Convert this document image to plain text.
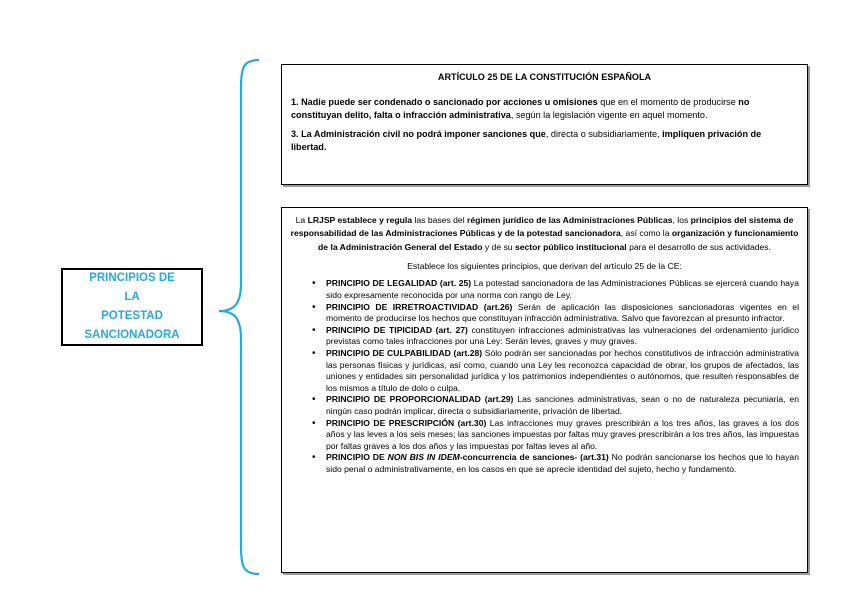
PRINCIPIOS DE LA
POTESTAD
SANCIONADORA
ARTÍCULO 25 DE LA CONSTITUCIÓN ESPAÑOLA

1. Nadie puede ser condenado o sancionado por acciones u omisiones que en el momento de producirse no constituyan delito, falta o infracción administrativa, según la legislación vigente en aquel momento.

3. La Administración civil no podrá imponer sanciones que, directa o subsidiariamente, impliquen privación de libertad.

La LRJSP establece y regula las bases del régimen jurídico de las Administraciones Públicas, los principios del sistema de responsabilidad de las Administraciones Públicas y de la potestad sancionadora, así como la organización y funcionamiento de la Administración General del Estado y de su sector público institucional para el desarrollo de sus actividades.

Establece los siguientes principios, que derivan del artículo 25 de la CE:

• PRINCIPIO DE LEGALIDAD (art. 25) La potestad sancionadora de las Administraciones Públicas se ejercerá cuando haya sido expresamente reconocida por una norma con rango de Ley.
• PRINCIPIO DE IRRETROACTIVIDAD (art.26) Serán de aplicación las disposiciones sancionadoras vigentes en el momento de producirse los hechos que constituyan infracción administrativa. Salvo que favorezcan al presunto infractor.
• PRINCIPIO DE TIPICIDAD (art. 27) constituyen infracciones administrativas las vulneraciones del ordenamiento jurídico previstas como tales infracciones por una Ley: Serán leves, graves y muy graves.
• PRINCIPIO DE CULPABILIDAD (art.28) Sólo podrán ser sancionadas por hechos constitutivos de infracción administrativa las personas físicas y jurídicas, así como, cuando una Ley les reconozca capacidad de obrar, los grupos de afectados, las uniones y entidades sin personalidad jurídica y los patrimonios independientes o autónomos, que resulten responsables de los mismos a título de dolo o culpa.
• PRINCIPIO DE PROPORCIONALIDAD (art.29) Las sanciones administrativas, sean o no de naturaleza pecuniaria, en ningún caso podrán implicar, directa o subsidiariamente, privación de libertad.
• PRINCIPIO DE PRESCRIPCIÓN (art.30) Las infracciones muy graves prescribirán a los tres años, las graves a los dos años y las leves a los seis meses; las sanciones impuestas por faltas muy graves prescribirán a los tres años, las impuestas por faltas graves a los dos años y las impuestas por faltas leves al año.
• PRINCIPIO DE NON BIS IN IDEM-concurrencia de sanciones- (art.31) No podrán sancionarse los hechos que lo hayan sido penal o administrativamente, en los casos en que se aprecie identidad del sujeto, hecho y fundamento.
